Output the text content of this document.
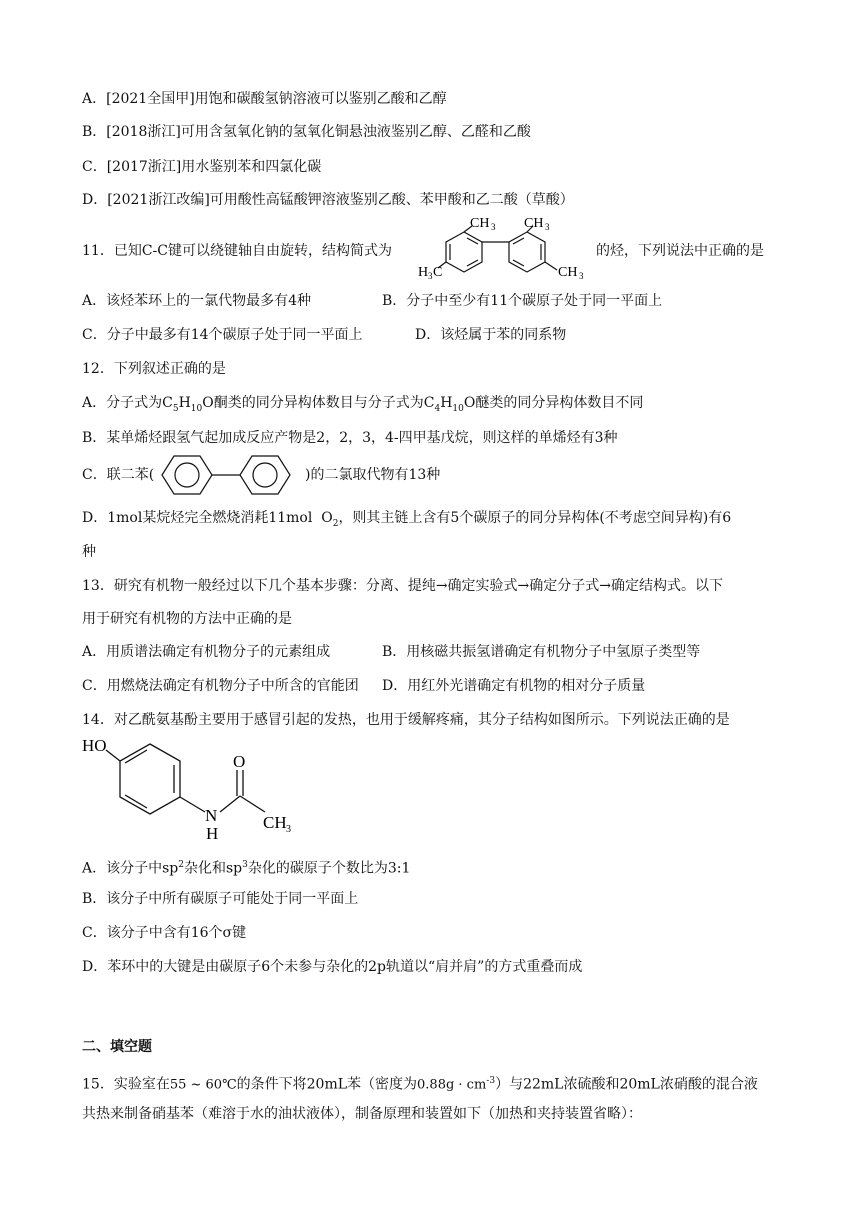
A．[2021全国甲]用饱和碳酸氢钠溶液可以鉴别乙酸和乙醇
B．[2018浙江]可用含氢氧化钠的氢氧化铜悬浊液鉴别乙醇、乙醛和乙酸
C．[2017浙江]用水鉴别苯和四氯化碳
D．[2021浙江改编]可用酸性高锰酸钾溶液鉴别乙酸、苯甲酸和乙二酸（草酸）
11．已知C-C键可以绕键轴自由旋转，结构简式为
CH 3 CH 3
H 3 C	CH 3
的烃，下列说法中正确的是
A．该烃苯环上的一氯代物最多有4种	B．分子中至少有11个碳原子处于同一平面上
C．分子中最多有14个碳原子处于同一平面上	D．该烃属于苯的同系物
12．下列叙述正确的是
A．分子式为$C_5H_{10}O$酮类的同分异构体数目与分子式为$C_4H_{10}O$醚类的同分异构体数目不同
B．某单烯烃跟氢气起加成反应产物是2，2，3，4-四甲基戊烷，则这样的单烯烃有3种
C．联二苯(	)的二氯取代物有13种
D．1mol某烷烃完全燃烧消耗11mol $O_2$，则其主链上含有5个碳原子的同分异构体(不考虑空间异构)有6
种
13．研究有机物一般经过以下几个基本步骤：分离、提纯→确定实验式→确定分子式→确定结构式。以下
用于研究有机物的方法中正确的是
A．用质谱法确定有机物分子的元素组成	B．用核磁共振氢谱确定有机物分子中氢原子类型等
C．用燃烧法确定有机物分子中所含的官能团 D．用红外光谱确定有机物的相对分子质量
14．对乙酰氨基酚主要用于感冒引起的发热，也用于缓解疼痛，其分子结构如图所示。下列说法正确的是
HO
O
N
H
CH 3
A．该分子中$sp^2$杂化和$sp^3$杂化的碳原子个数比为3:1
B．该分子中所有碳原子可能处于同一平面上
C．该分子中含有16个σ键
D．苯环中的大键是由碳原子6个未参与杂化的2p轨道以“肩并肩”的方式重叠而成
二、填空题
15．实验室在55 ~ 60℃的条件下将20mL苯（密度为$0.88g \cdot cm^{-3}$）与22mL浓硫酸和20mL浓硝酸的混合液
共热来制备硝基苯（难溶于水的油状液体），制备原理和装置如下（加热和夹持装置省略）：
